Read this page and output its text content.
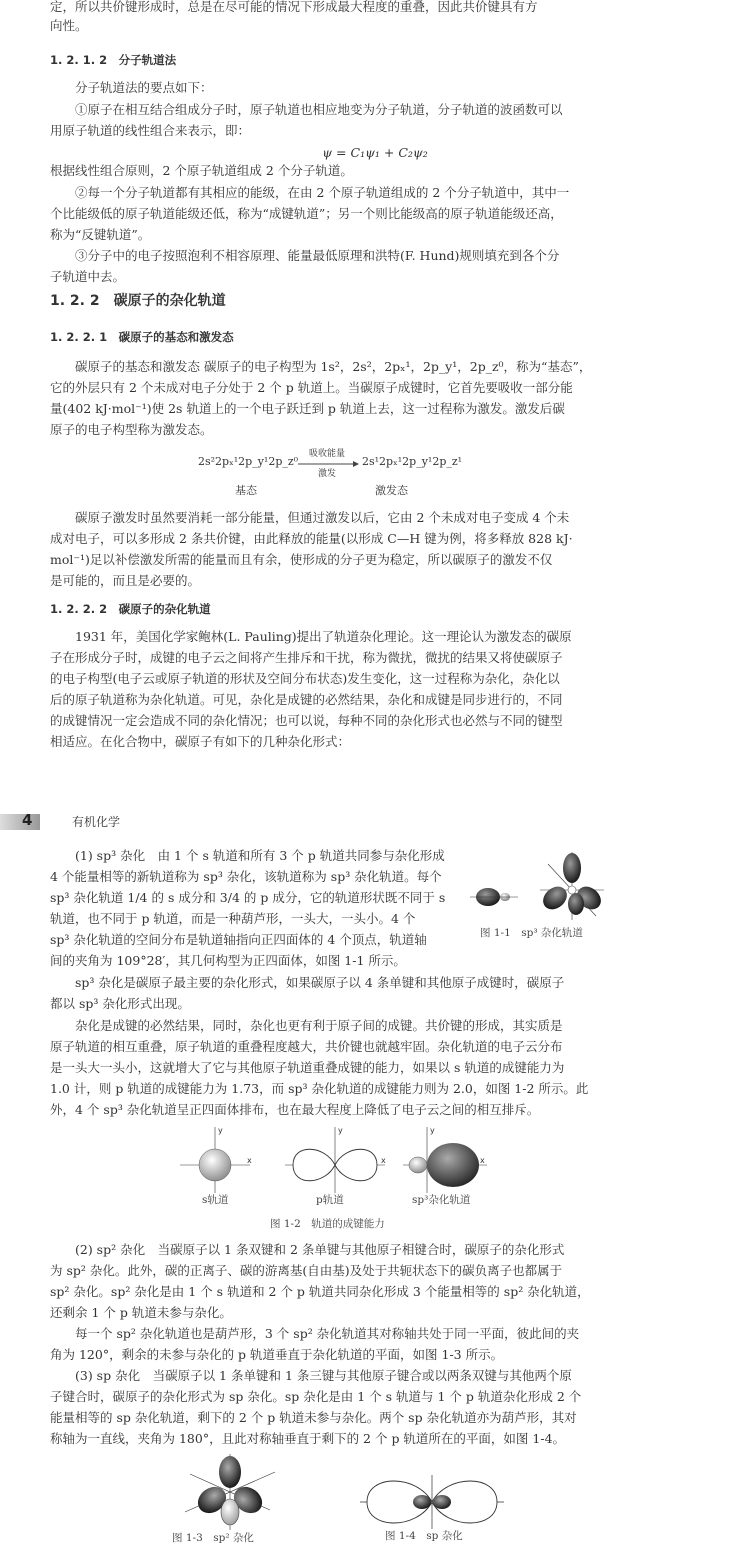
定，所以共价键形成时，总是在尽可能的情况下形成最大程度的重叠，因此共价键具有方
向性。
1. 2. 1. 2　分子轨道法
分子轨道法的要点如下：
①原子在相互结合组成分子时，原子轨道也相应地变为分子轨道，分子轨道的波函数可以
用原子轨道的线性组合来表示，即：
ψ = C₁ψ₁ + C₂ψ₂
根据线性组合原则，2 个原子轨道组成 2 个分子轨道。
②每一个分子轨道都有其相应的能级，在由 2 个原子轨道组成的 2 个分子轨道中，其中一
个比能级低的原子轨道能级还低，称为“成键轨道”；另一个则比能级高的原子轨道能级还高，
称为“反键轨道”。
③分子中的电子按照泡利不相容原理、能量最低原理和洪特(F. Hund)规则填充到各个分
子轨道中去。
1. 2. 2　碳原子的杂化轨道
1. 2. 2. 1　碳原子的基态和激发态
碳原子的基态和激发态 碳原子的电子构型为 1s²，2s²，2pₓ¹，2p_y¹，2p_z⁰，称为“基态”，
它的外层只有 2 个未成对电子分处于 2 个 p 轨道上。当碳原子成键时，它首先要吸收一部分能
量(402 kJ·mol⁻¹)使 2s 轨道上的一个电子跃迁到 p 轨道上去，这一过程称为激发。激发后碳
原子的电子构型称为激发态。
2s²2pₓ¹2p_y¹2p_z⁰
吸收能量
激发
2s¹2pₓ¹2p_y¹2p_z¹
基态	激发态
碳原子激发时虽然要消耗一部分能量，但通过激发以后，它由 2 个未成对电子变成 4 个未
成对电子，可以多形成 2 条共价键，由此释放的能量(以形成 C—H 键为例，将多释放 828 kJ·
mol⁻¹)足以补偿激发所需的能量而且有余，使形成的分子更为稳定，所以碳原子的激发不仅
是可能的，而且是必要的。
1. 2. 2. 2　碳原子的杂化轨道
1931 年，美国化学家鲍林(L. Pauling)提出了轨道杂化理论。这一理论认为激发态的碳原
子在形成分子时，成键的电子云之间将产生排斥和干扰，称为微扰，微扰的结果又将使碳原子
的电子构型(电子云或原子轨道的形状及空间分布状态)发生变化，这一过程称为杂化，杂化以
后的原子轨道称为杂化轨道。可见，杂化是成键的必然结果，杂化和成键是同步进行的，不同
的成键情况一定会造成不同的杂化情况；也可以说，每种不同的杂化形式也必然与不同的键型
相适应。在化合物中，碳原子有如下的几种杂化形式：
4	有机化学
(1) sp³ 杂化　由 1 个 s 轨道和所有 3 个 p 轨道共同参与杂化形成
4 个能量相等的新轨道称为 sp³ 杂化，该轨道称为 sp³ 杂化轨道。每个
sp³ 杂化轨道 1/4 的 s 成分和 3/4 的 p 成分，它的轨道形状既不同于 s
轨道，也不同于 p 轨道，而是一种葫芦形，一头大，一头小。4 个
sp³ 杂化轨道的空间分布是轨道轴指向正四面体的 4 个顶点，轨道轴
间的夹角为 109°28′，其几何构型为正四面体，如图 1-1 所示。
图 1-1　sp³ 杂化轨道
sp³ 杂化是碳原子最主要的杂化形式，如果碳原子以 4 条单键和其他原子成键时，碳原子
都以 sp³ 杂化形式出现。
杂化是成键的必然结果，同时，杂化也更有利于原子间的成键。共价键的形成，其实质是
原子轨道的相互重叠，原子轨道的重叠程度越大，共价键也就越牢固。杂化轨道的电子云分布
是一头大一头小，这就增大了它与其他原子轨道重叠成键的能力，如果以 s 轨道的成键能力为
1.0 计，则 p 轨道的成键能力为 1.73，而 sp³ 杂化轨道的成键能力则为 2.0，如图 1-2 所示。此
外，4 个 sp³ 杂化轨道呈正四面体排布，也在最大程度上降低了电子云之间的相互排斥。
x
y
x
y
x
y
s轨道	p轨道	sp³杂化轨道
图 1-2　轨道的成键能力
(2) sp² 杂化　当碳原子以 1 条双键和 2 条单键与其他原子相键合时，碳原子的杂化形式
为 sp² 杂化。此外，碳的正离子、碳的游离基(自由基)及处于共轭状态下的碳负离子也都属于
sp² 杂化。sp² 杂化是由 1 个 s 轨道和 2 个 p 轨道共同杂化形成 3 个能量相等的 sp² 杂化轨道，
还剩余 1 个 p 轨道未参与杂化。
每一个 sp² 杂化轨道也是葫芦形，3 个 sp² 杂化轨道其对称轴共处于同一平面，彼此间的夹
角为 120°，剩余的未参与杂化的 p 轨道垂直于杂化轨道的平面，如图 1-3 所示。
(3) sp 杂化　当碳原子以 1 条单键和 1 条三键与其他原子键合或以两条双键与其他两个原
子键合时，碳原子的杂化形式为 sp 杂化。sp 杂化是由 1 个 s 轨道与 1 个 p 轨道杂化形成 2 个
能量相等的 sp 杂化轨道，剩下的 2 个 p 轨道未参与杂化。两个 sp 杂化轨道亦为葫芦形，其对
称轴为一直线，夹角为 180°，且此对称轴垂直于剩下的 2 个 p 轨道所在的平面，如图 1-4。
图 1-3　sp² 杂化	图 1-4　sp 杂化
